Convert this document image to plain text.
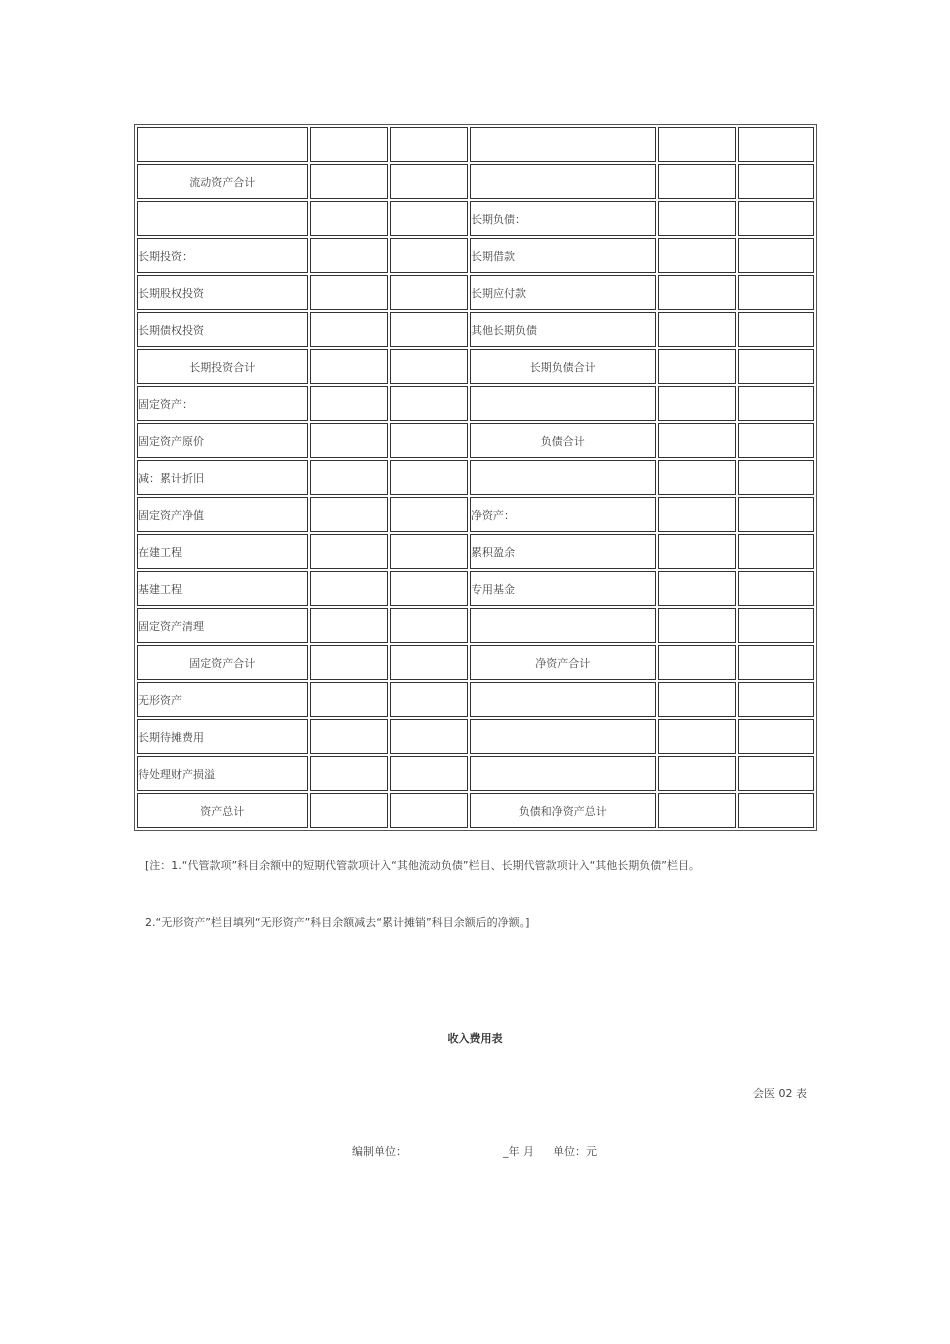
流动资产合计					
			长期负债：		
长期投资：			长期借款		
长期股权投资			长期应付款		
长期债权投资			其他长期负债		
长期投资合计			长期负债合计		
固定资产：					
固定资产原价			负债合计		
减：累计折旧					
固定资产净值			净资产：		
在建工程			累积盈余		
基建工程			专用基金		
固定资产清理					
固定资产合计			净资产合计		
无形资产					
长期待摊费用					
待处理财产损溢					
资产总计			负债和净资产总计		
[注：1.“代管款项”科目余额中的短期代管款项计入“其他流动负债”栏目、长期代管款项计入“其他长期负债”栏目。
2.“无形资产”栏目填列“无形资产”科目余额减去“累计摊销”科目余额后的净额。]
收入费用表
会医 02 表
编制单位：	_年 月 单位：元
